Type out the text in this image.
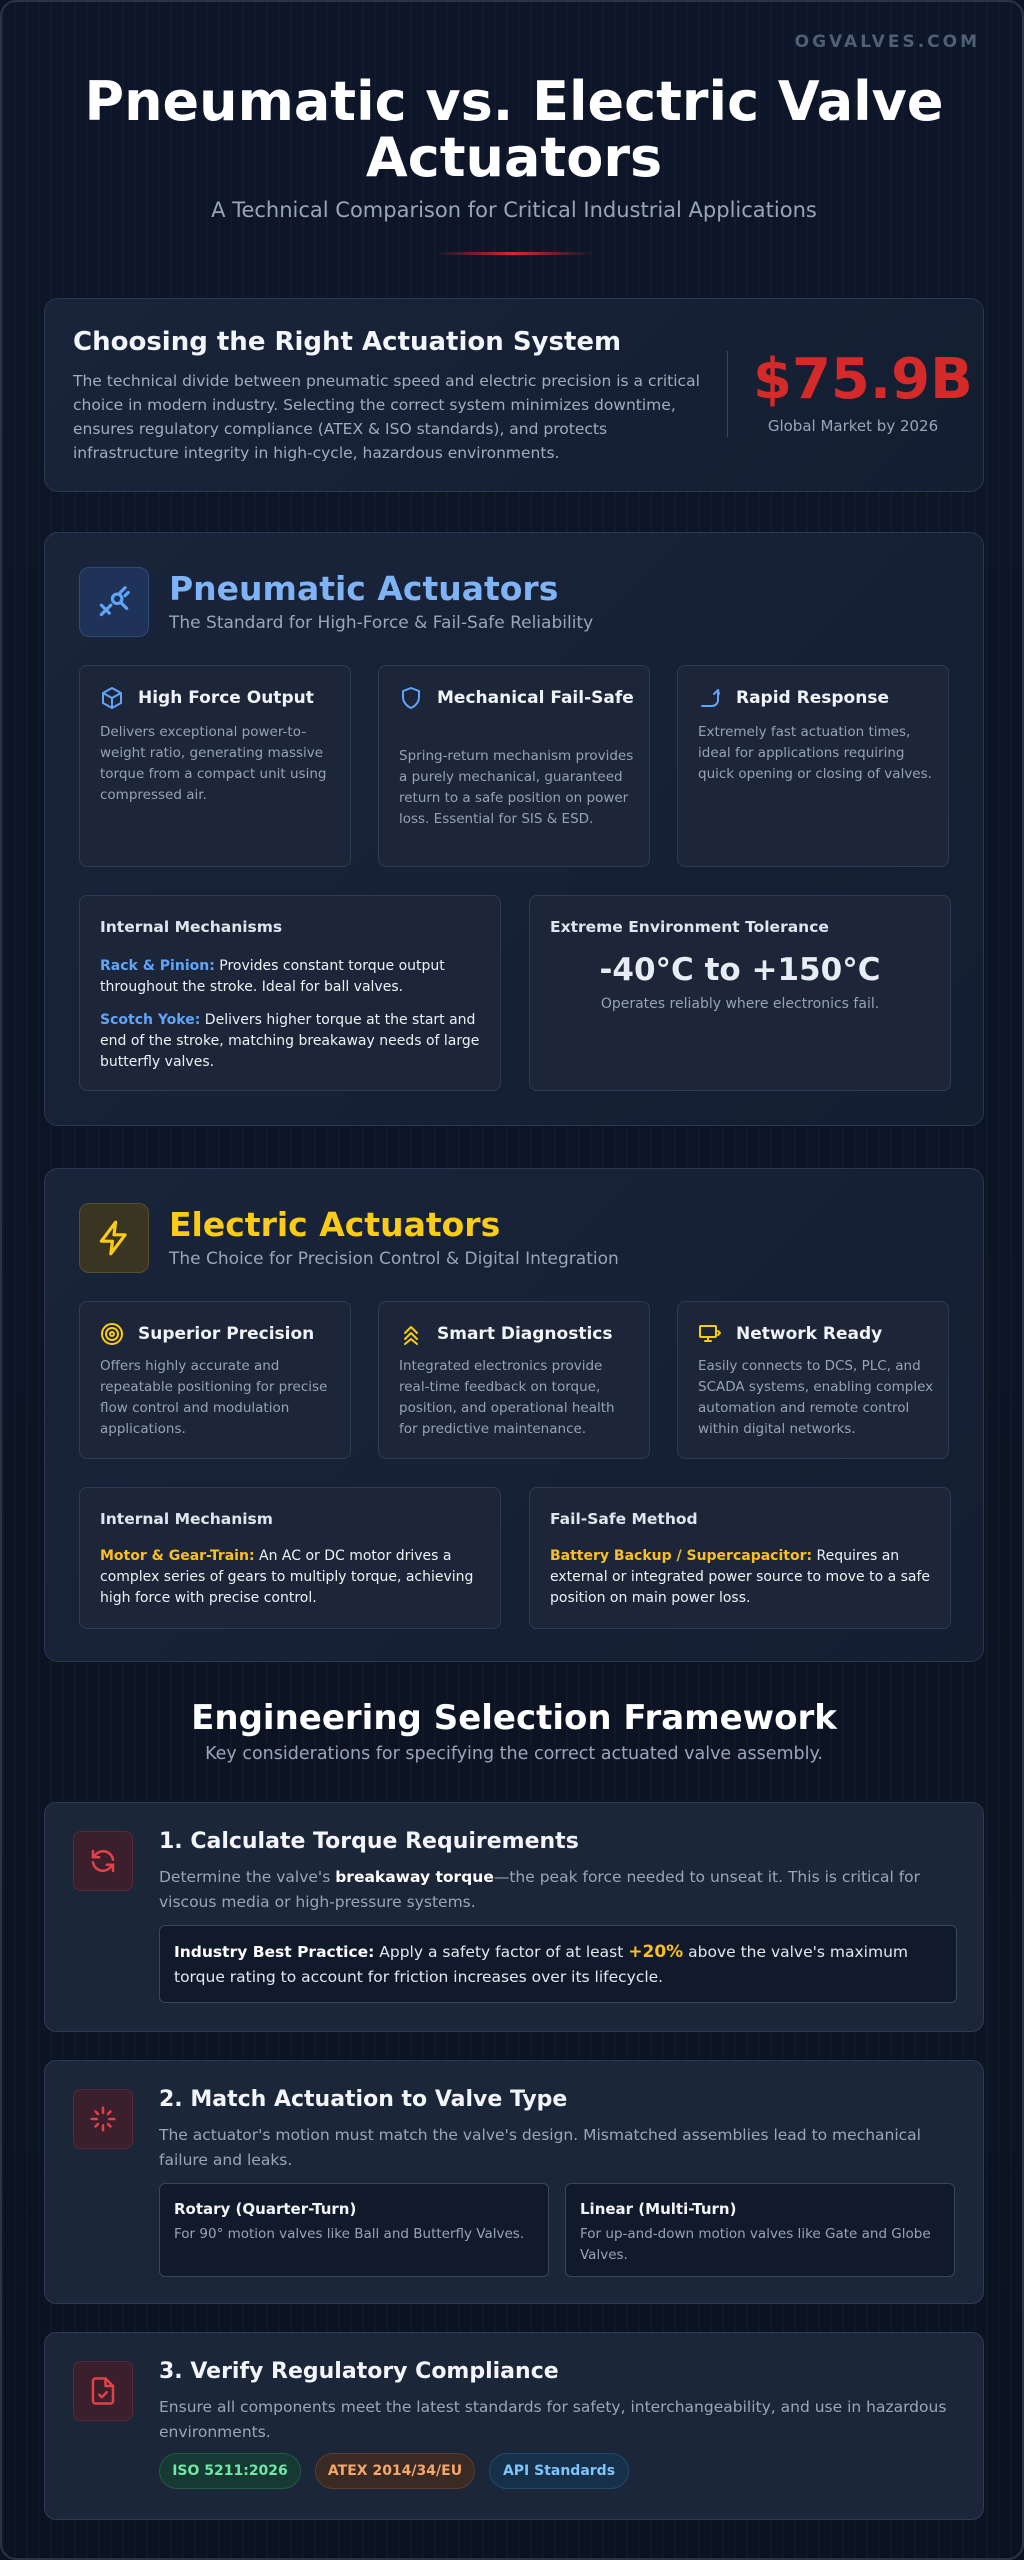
OGVALVES.COM
Pneumatic vs. Electric Valve Actuators
A Technical Comparison for Critical Industrial Applications
Choosing the Right Actuation System

The technical divide between pneumatic speed and electric precision is a critical choice in modern industry. Selecting the correct system minimizes downtime, ensures regulatory compliance (ATEX & ISO standards), and protects infrastructure integrity in high-cycle, hazardous environments.

$75.9B
Global Market by 2026
Pneumatic Actuators
The Standard for High-Force & Fail-Safe Reliability
High Force Output

Delivers exceptional power-to-weight ratio, generating massive torque from a compact unit using compressed air.

Mechanical Fail-Safe

Spring-return mechanism provides a purely mechanical, guaranteed return to a safe position on power loss. Essential for SIS & ESD.

Rapid Response

Extremely fast actuation times, ideal for applications requiring quick opening or closing of valves.

Internal Mechanisms

Rack & Pinion: Provides constant torque output throughout the stroke. Ideal for ball valves.

Scotch Yoke: Delivers higher torque at the start and end of the stroke, matching breakaway needs of large butterfly valves.

Extreme Environment Tolerance
-40°C to +150°C
Operates reliably where electronics fail.
Electric Actuators
The Choice for Precision Control & Digital Integration
Superior Precision

Offers highly accurate and repeatable positioning for precise flow control and modulation applications.

Smart Diagnostics

Integrated electronics provide real-time feedback on torque, position, and operational health for predictive maintenance.

Network Ready

Easily connects to DCS, PLC, and SCADA systems, enabling complex automation and remote control within digital networks.

Internal Mechanism

Motor & Gear-Train: An AC or DC motor drives a complex series of gears to multiply torque, achieving high force with precise control.

Fail-Safe Method

Battery Backup / Supercapacitor: Requires an external or integrated power source to move to a safe position on main power loss.

Engineering Selection Framework
Key considerations for specifying the correct actuated valve assembly.
1. Calculate Torque Requirements
Determine the valve's breakaway torque—the peak force needed to unseat it. This is critical for viscous media or high-pressure systems.

Industry Best Practice: Apply a safety factor of at least +20% above the valve's maximum torque rating to account for friction increases over its lifecycle.

2. Match Actuation to Valve Type
The actuator's motion must match the valve's design. Mismatched assemblies lead to mechanical failure and leaks.
Rotary (Quarter-Turn)

For 90° motion valves like Ball and Butterfly Valves.

Linear (Multi-Turn)

For up-and-down motion valves like Gate and Globe Valves.

3. Verify Regulatory Compliance
Ensure all components meet the latest standards for safety, interchangeability, and use in hazardous environments.
ISO 5211:2026	ATEX 2014/34/EU	API Standards
